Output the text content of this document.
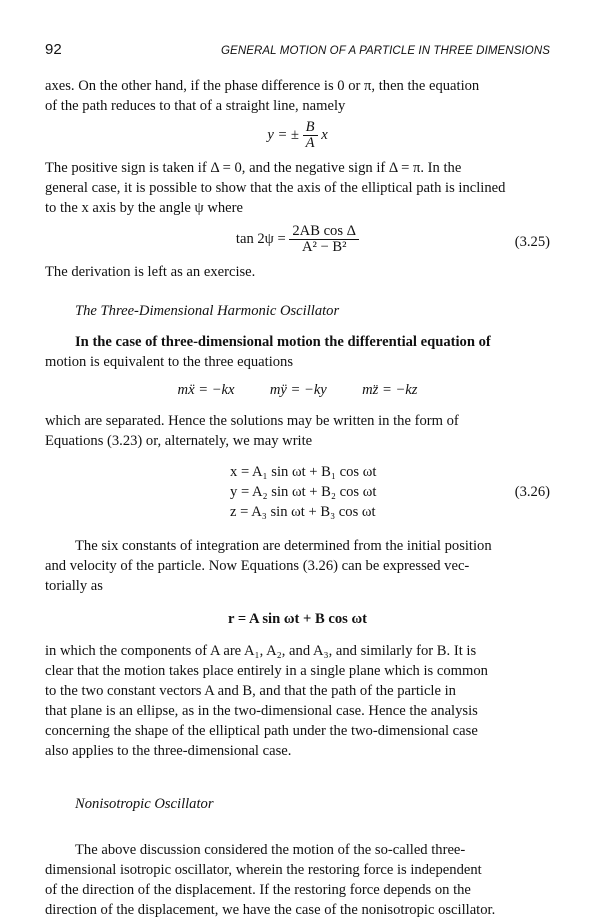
92	GENERAL MOTION OF A PARTICLE IN THREE DIMENSIONS

axes. On the other hand, if the phase difference is 0 or π, then the equation

of the path reduces to that of a straight line, namely

y = ± $\frac{B}{A}$ x

The positive sign is taken if Δ = 0, and the negative sign if Δ = π. In the

general case, it is possible to show that the axis of the elliptical path is inclined

to the x axis by the angle ψ where

$\tan 2\psi = \frac{\text{2AB cos Δ}}{\text{A² − B²}}$	(3.25)

The derivation is left as an exercise.

The Three-Dimensional Harmonic Oscillator

In the case of three-dimensional motion the differential equation of

motion is equivalent to the three equations

mẍ = −kx mÿ = −ky mz̈ = −kz

which are separated. Hence the solutions may be written in the form of

Equations (3.23) or, alternately, we may write

x = A₁ sin ωt + B₁ cos ωt
y = A₂ sin ωt + B₂ cos ωt	(3.26)
z = A₃ sin ωt + B₃ cos ωt

The six constants of integration are determined from the initial position

and velocity of the particle. Now Equations (3.26) can be expressed vec-

torially as

r = A sin ωt + B cos ωt

in which the components of A are A₁, A₂, and A₃, and similarly for B. It is

clear that the motion takes place entirely in a single plane which is common

to the two constant vectors A and B, and that the path of the particle in

that plane is an ellipse, as in the two-dimensional case. Hence the analysis

concerning the shape of the elliptical path under the two-dimensional case

also applies to the three-dimensional case.

Nonisotropic Oscillator

The above discussion considered the motion of the so-called three-

dimensional isotropic oscillator, wherein the restoring force is independent

of the direction of the displacement. If the restoring force depends on the

direction of the displacement, we have the case of the nonisotropic oscillator.
